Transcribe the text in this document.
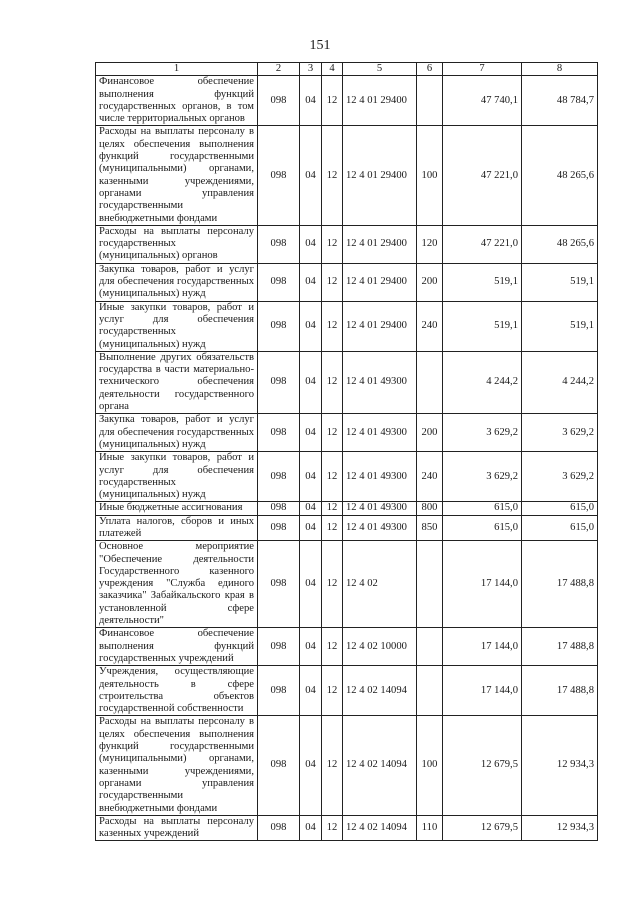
151
1	2	3	4	5	6	7	8
Финансовое обеспечение выполнения функций государственных органов, в том числе территориальных органов	098	04	12	12 4 01 29400		47 740,1	48 784,7
Расходы на выплаты персоналу в целях обеспечения выполнения функций государственными (муниципальными) органами, казенными учреждениями, органами управления государственными внебюджетными фондами	098	04	12	12 4 01 29400	100	47 221,0	48 265,6
Расходы на выплаты персоналу государственных (муниципальных) органов	098	04	12	12 4 01 29400	120	47 221,0	48 265,6
Закупка товаров, работ и услуг для обеспечения государственных (муниципальных) нужд	098	04	12	12 4 01 29400	200	519,1	519,1
Иные закупки товаров, работ и услуг для обеспечения государственных (муниципальных) нужд	098	04	12	12 4 01 29400	240	519,1	519,1
Выполнение других обязательств государства в части материально-технического обеспечения деятельности государственного органа	098	04	12	12 4 01 49300		4 244,2	4 244,2
Закупка товаров, работ и услуг для обеспечения государственных (муниципальных) нужд	098	04	12	12 4 01 49300	200	3 629,2	3 629,2
Иные закупки товаров, работ и услуг для обеспечения государственных (муниципальных) нужд	098	04	12	12 4 01 49300	240	3 629,2	3 629,2
Иные бюджетные ассигнования	098	04	12	12 4 01 49300	800	615,0	615,0
Уплата налогов, сборов и иных платежей	098	04	12	12 4 01 49300	850	615,0	615,0
Основное мероприятие "Обеспечение деятельности Государственного казенного учреждения "Служба единого заказчика" Забайкальского края в установленной сфере деятельности"	098	04	12	12 4 02		17 144,0	17 488,8
Финансовое обеспечение выполнения функций государственных учреждений	098	04	12	12 4 02 10000		17 144,0	17 488,8
Учреждения, осуществляющие деятельность в сфере строительства объектов государственной собственности	098	04	12	12 4 02 14094		17 144,0	17 488,8
Расходы на выплаты персоналу в целях обеспечения выполнения функций государственными (муниципальными) органами, казенными учреждениями, органами управления государственными внебюджетными фондами	098	04	12	12 4 02 14094	100	12 679,5	12 934,3
Расходы на выплаты персоналу казенных учреждений	098	04	12	12 4 02 14094	110	12 679,5	12 934,3
